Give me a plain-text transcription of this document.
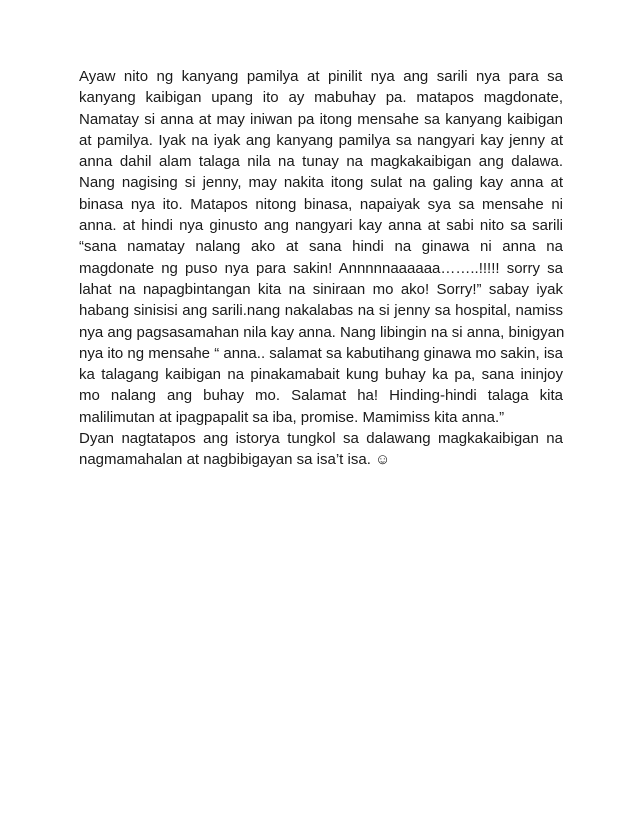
Ayaw nito ng kanyang pamilya at pinilit nya ang sarili nya para sa
kanyang kaibigan upang ito ay mabuhay pa. matapos magdonate,
Namatay si anna at may iniwan pa itong mensahe sa kanyang kaibigan
at pamilya. Iyak na iyak ang kanyang pamilya sa nangyari kay jenny at
anna dahil alam talaga nila na tunay na magkakaibigan ang dalawa.
Nang nagising si jenny, may nakita itong sulat na galing kay anna at
binasa nya ito. Matapos nitong binasa, napaiyak sya sa mensahe ni
anna. at hindi nya ginusto ang nangyari kay anna at sabi nito sa sarili
“sana namatay nalang ako at sana hindi na ginawa ni anna na
magdonate ng puso nya para sakin! Annnnnaaaaaa……..!!!!! sorry sa
lahat na napagbintangan kita na siniraan mo ako! Sorry!” sabay iyak
habang sinisisi ang sarili.nang nakalabas na si jenny sa hospital, namiss
nya ang pagsasamahan nila kay anna. Nang libingin na si anna, binigyan
nya ito ng mensahe “ anna.. salamat sa kabutihang ginawa mo sakin, isa
ka talagang kaibigan na pinakamabait kung buhay ka pa, sana ininjoy
mo nalang ang buhay mo. Salamat ha! Hinding-hindi talaga kita
malilimutan at ipagpapalit sa iba, promise. Mamimiss kita anna.”
Dyan nagtatapos ang istorya tungkol sa dalawang magkakaibigan na
nagmamahalan at nagbibigayan sa isa’t isa. ☺
